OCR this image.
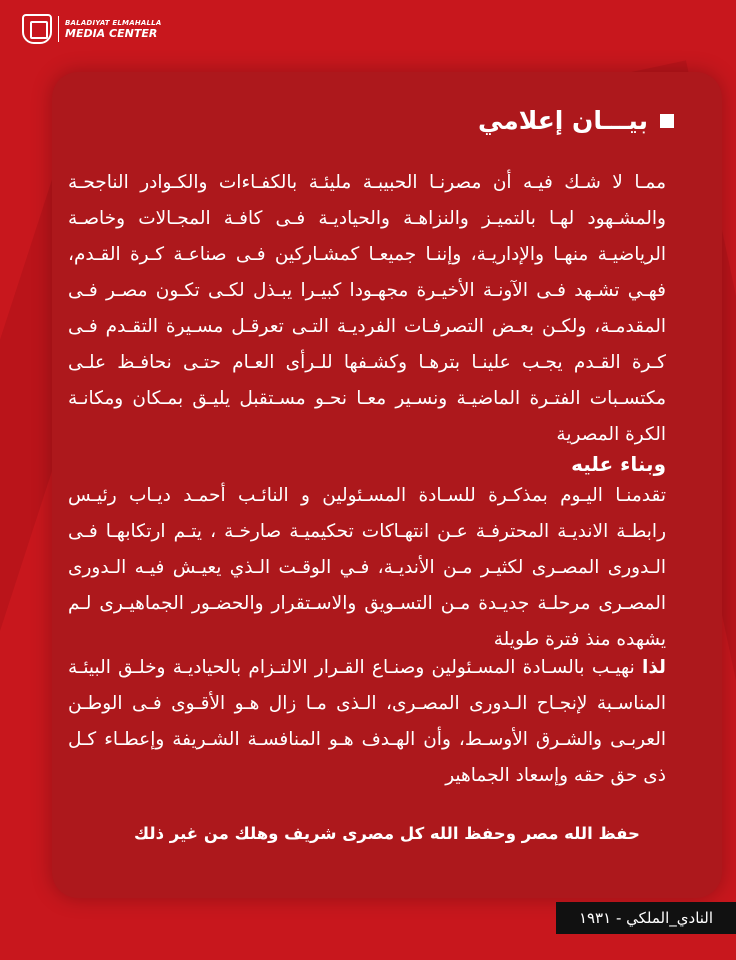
BALADIYAT ELMAHALLA
MEDIA CENTER
بيـــان إعلامي
ممـا لا شـك فيـه أن مصرنـا الحبيبـة مليئـة بالكفـاءات والكـوادر الناجحـة
والمشـهود لهـا بالتميـز والنزاهـة والحياديـة فـى كافـة المجـالات وخاصـة
الرياضيـة منهـا والإداريـة، وإننـا جميعـا كمشـاركين فـى صناعـة كـرة القـدم،
فهـي تشـهد فـى الآونـة الأخيـرة مجهـودا كبيـرا يبـذل لكـى تكـون مصـر فـى
المقدمـة، ولكـن بعـض التصرفـات الفرديـة التـى تعرقـل مسـيرة التقـدم فـى
كـرة القـدم يجـب علينـا بترهـا وكشـفها للـرأى العـام حتـى نحافـظ علـى
مكتسـبات الفتـرة الماضيـة ونسـير معـا نحـو مسـتقبل يليـق بمـكان ومكانـة
الكرة المصرية
وبناء عليه
تقدمنـا اليـوم بمذكـرة للسـادة المسـئولين و النائـب أحمـد ديـاب رئيـس
رابطـة الانديـة المحترفـة عـن انتهـاكات تحكيميـة صارخـة ، يتـم ارتكابهـا فـى
الـدورى المصـرى لكثيـر مـن الأنديـة، فـي الوقـت الـذي يعيـش فيـه الـدورى
المصـرى مرحلـة جديـدة مـن التسـويق والاسـتقرار والحضـور الجماهيـرى لـم
يشهده منذ فترة طويلة
لذا نهيـب بالسـادة المسـئولين وصنـاع القـرار الالتـزام بالحياديـة وخلـق البيئـة
المناسـبة لإنجـاح الـدورى المصـرى، الـذى مـا زال هـو الأقـوى فـى الوطـن
العربـى والشـرق الأوسـط، وأن الهـدف هـو المنافسـة الشـريفة وإعطـاء كـل
ذى حق حقه وإسعاد الجماهير
حفظ الله مصر وحفظ الله كل مصرى شريف وهلك من غير ذلك
النادي_الملكي - ١٩٣١
